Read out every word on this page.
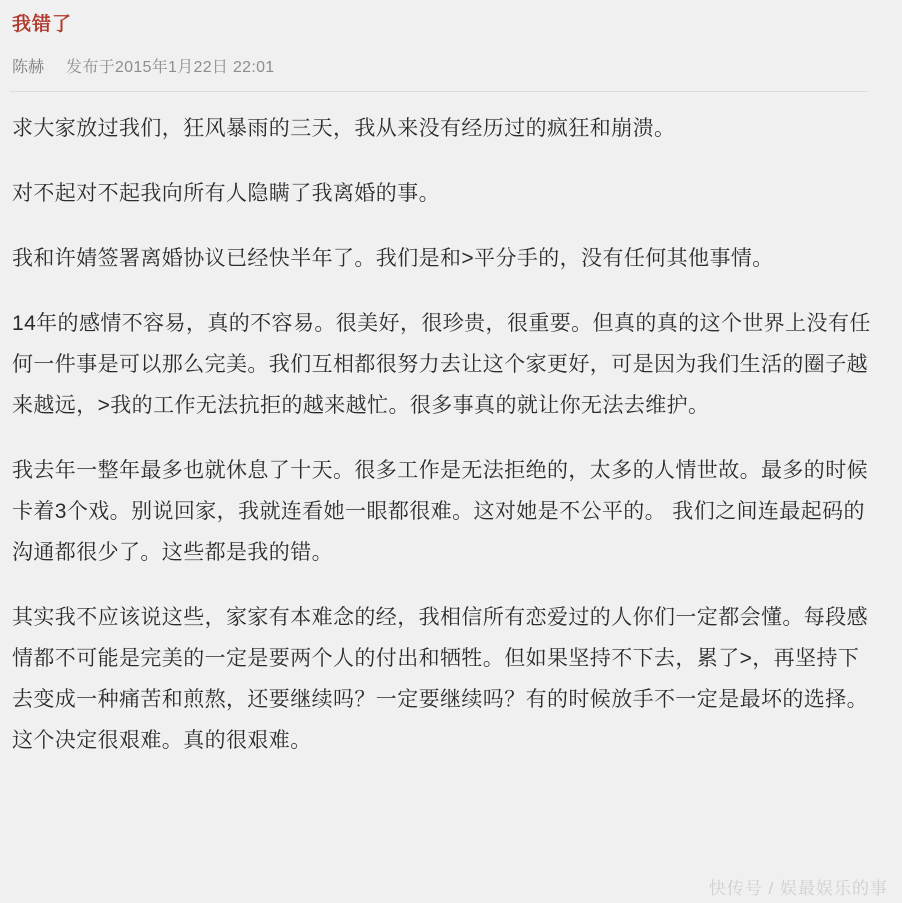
我错了
陈赫 发布于2015年1月22日 22:01

求大家放过我们，狂风暴雨的三天，我从来没有经历过的疯狂和崩溃。

对不起对不起我向所有人隐瞒了我离婚的事。

我和许婧签署离婚协议已经快半年了。我们是和>平分手的，没有任何其他事情。

14年的感情不容易，真的不容易。很美好，很珍贵，很重要。但真的真的这个世界上没有任何一件事是可以那么完美。我们互相都很努力去让这个家更好，可是因为我们生活的圈子越来越远，>我的工作无法抗拒的越来越忙。很多事真的就让你无法去维护。

我去年一整年最多也就休息了十天。很多工作是无法拒绝的，太多的人情世故。最多的时候卡着3个戏。别说回家，我就连看她一眼都很难。这对她是不公平的。 我们之间连最起码的沟通都很少了。这些都是我的错。

其实我不应该说这些，家家有本难念的经，我相信所有恋爱过的人你们一定都会懂。每段感情都不可能是完美的一定是要两个人的付出和牺牲。但如果坚持不下去，累了>，再坚持下去变成一种痛苦和煎熬，还要继续吗？一定要继续吗？有的时候放手不一定是最坏的选择。这个决定很艰难。真的很艰难。

快传号 / 娱最娱乐的事
